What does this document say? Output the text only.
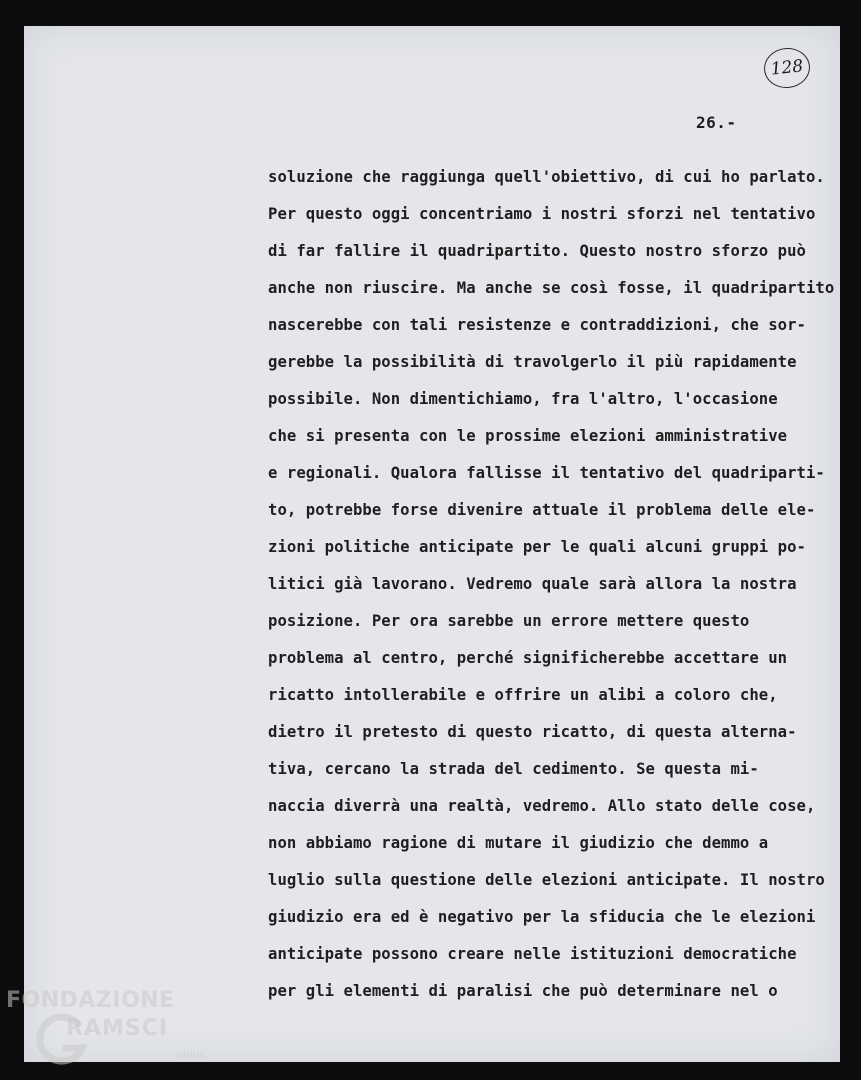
128
26.-
soluzione che raggiunga quell'obiettivo, di cui ho parlato.
Per questo oggi concentriamo i nostri sforzi nel tentativo
di far fallire il quadripartito. Questo nostro sforzo può
anche non riuscire. Ma anche se così fosse, il quadripartito
nascerebbe con tali resistenze e contraddizioni, che sor-
gerebbe la possibilità di travolgerlo il più rapidamente
possibile. Non dimentichiamo, fra l'altro, l'occasione
che si presenta con le prossime elezioni amministrative
e regionali. Qualora fallisse il tentativo del quadriparti-
to, potrebbe forse divenire attuale il problema delle ele-
zioni politiche anticipate per le quali alcuni gruppi po-
litici già lavorano. Vedremo quale sarà allora la nostra
posizione. Per ora sarebbe un errore mettere questo
problema al centro, perché significherebbe accettare un
ricatto intollerabile e offrire un alibi a coloro che,
dietro il pretesto di questo ricatto, di questa alterna-
tiva, cercano la strada del cedimento. Se questa mi-
naccia diverrà una realtà, vedremo. Allo stato delle cose,
non abbiamo ragione di mutare il giudizio che demmo a
luglio sulla questione delle elezioni anticipate. Il nostro
giudizio era ed è negativo per la sfiducia che le elezioni
anticipate possono creare nelle istituzioni democratiche
per gli elementi di paralisi che può determinare nel o
FONDAZIONE
RAMSCI
onlus
